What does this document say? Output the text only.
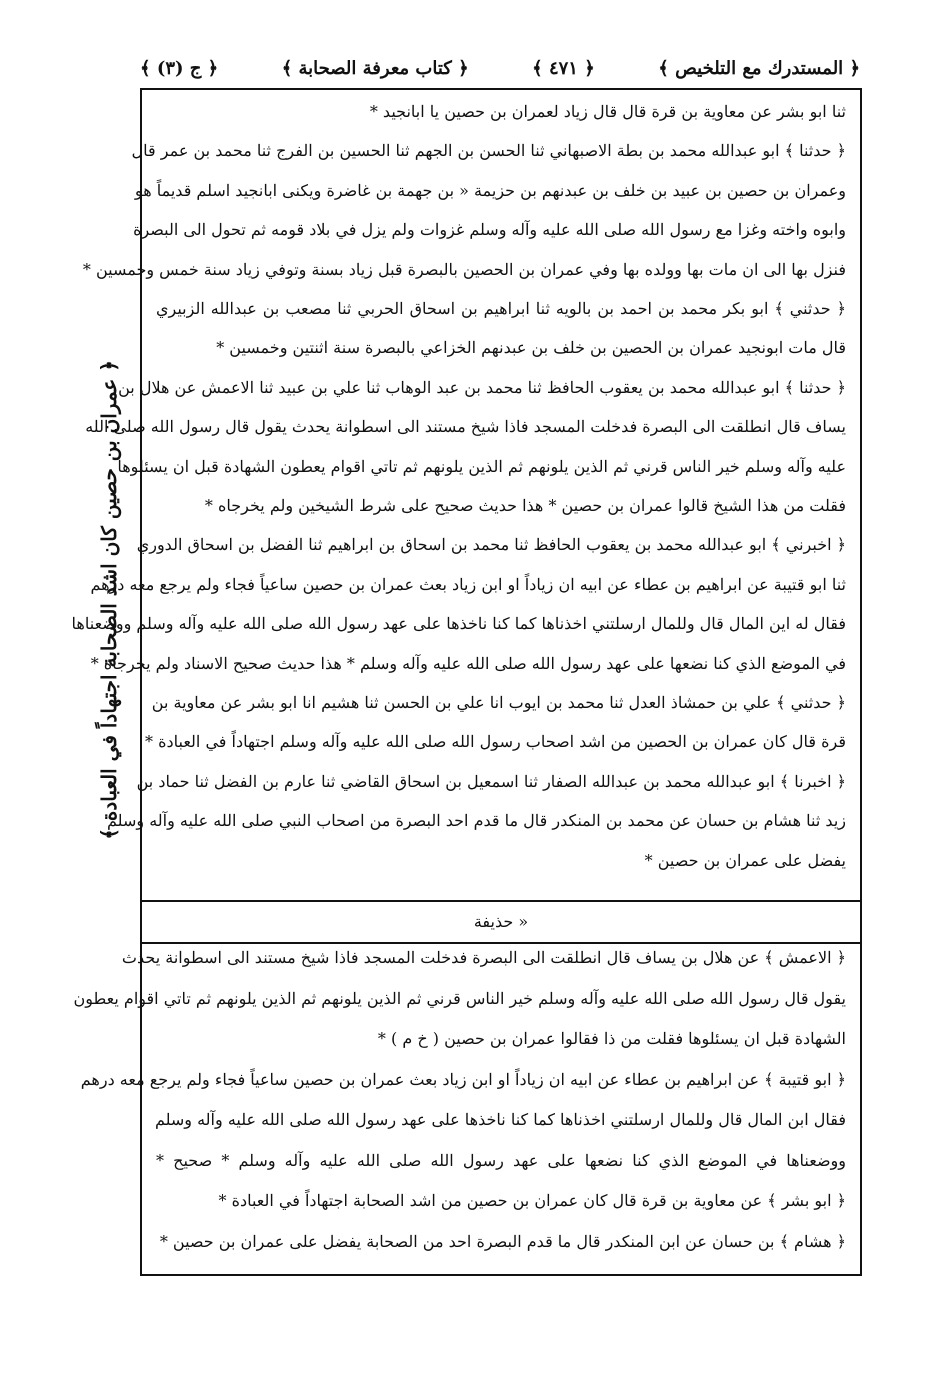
﴿ المستدرك مع التلخيص ﴾
﴿ ٤٧١ ﴾
﴿ كتاب معرفة الصحابة ﴾
﴿ ج (٣) ﴾
﴿ عمران بن حصين كان اشد الصحابة اجتهاداً في العبادة ﴾
ثنا ابو بشر عن معاوية بن قرة قال قال زياد لعمران بن حصين يا ابانجيد *
﴿ حدثنا ﴾ ابو عبدالله محمد بن بطة الاصبهاني ثنا الحسن بن الجهم ثنا الحسين بن الفرج ثنا محمد بن عمر قال
وعمران بن حصين بن عبيد بن خلف بن عبدنهم بن حزيمة « بن جهمة بن غاضرة ويكنى ابانجيد اسلم قديماً هو
وابوه واخته وغزا مع رسول الله صلى الله عليه وآله وسلم غزوات ولم يزل في بلاد قومه ثم تحول الى البصرة
فنزل بها الى ان مات بها وولده بها وفي عمران بن الحصين بالبصرة قبل زياد بسنة وتوفي زياد سنة خمس وخمسين *
﴿ حدثني ﴾ ابو بكر محمد بن احمد بن بالويه ثنا ابراهيم بن اسحاق الحربي ثنا مصعب بن عبدالله الزبيري
قال مات ابونجيد عمران بن الحصين بن خلف بن عبدنهم الخزاعي بالبصرة سنة اثنتين وخمسين *
﴿ حدثنا ﴾ ابو عبدالله محمد بن يعقوب الحافظ ثنا محمد بن عبد الوهاب ثنا علي بن عبيد ثنا الاعمش عن هلال بن
يساف قال انطلقت الى البصرة فدخلت المسجد فاذا شيخ مستند الى اسطوانة يحدث يقول قال رسول الله صلى الله
عليه وآله وسلم خير الناس قرني ثم الذين يلونهم ثم الذين يلونهم ثم تاتي اقوام يعطون الشهادة قبل ان يسئلوها
فقلت من هذا الشيخ قالوا عمران بن حصين * هذا حديث صحيح على شرط الشيخين ولم يخرجاه *
﴿ اخبرني ﴾ ابو عبدالله محمد بن يعقوب الحافظ ثنا محمد بن اسحاق بن ابراهيم ثنا الفضل بن اسحاق الدوري
ثنا ابو قتيبة عن ابراهيم بن عطاء عن ابيه ان زياداً او ابن زياد بعث عمران بن حصين ساعياً فجاء ولم يرجع معه درهم
فقال له اين المال قال وللمال ارسلتني اخذناها كما كنا ناخذها على عهد رسول الله صلى الله عليه وآله وسلم ووضعناها
في الموضع الذي كنا نضعها على عهد رسول الله صلى الله عليه وآله وسلم * هذا حديث صحيح الاسناد ولم يخرجاه *
﴿ حدثني ﴾ علي بن حمشاذ العدل ثنا محمد بن ايوب انا علي بن الحسن ثنا هشيم انا ابو بشر عن معاوية بن
قرة قال كان عمران بن الحصين من اشد اصحاب رسول الله صلى الله عليه وآله وسلم اجتهاداً في العبادة *
﴿ اخبرنا ﴾ ابو عبدالله محمد بن عبدالله الصفار ثنا اسمعيل بن اسحاق القاضي ثنا عارم بن الفضل ثنا حماد بن
زيد ثنا هشام بن حسان عن محمد بن المنكدر قال ما قدم احد البصرة من اصحاب النبي صلى الله عليه وآله وسلم
يفضل على عمران بن حصين *
« حذيفة
﴿ الاعمش ﴾ عن هلال بن يساف قال انطلقت الى البصرة فدخلت المسجد فاذا شيخ مستند الى اسطوانة يحدث
يقول قال رسول الله صلى الله عليه وآله وسلم خير الناس قرني ثم الذين يلونهم ثم الذين يلونهم ثم تاتي اقوام يعطون
الشهادة قبل ان يسئلوها فقلت من ذا فقالوا عمران بن حصين ( خ م ) *
﴿ ابو قتيبة ﴾ عن ابراهيم بن عطاء عن ابيه ان زياداً او ابن زياد بعث عمران بن حصين ساعياً فجاء ولم يرجع معه درهم
فقال ابن المال قال وللمال ارسلتني اخذناها كما كنا ناخذها على عهد رسول الله صلى الله عليه وآله وسلم
ووضعناها في الموضع الذي كنا نضعها على عهد رسول الله صلى الله عليه وآله وسلم * صحيح *
﴿ ابو بشر ﴾ عن معاوية بن قرة قال كان عمران بن حصين من اشد الصحابة اجتهاداً في العبادة *
﴿ هشام ﴾ بن حسان عن ابن المنكدر قال ما قدم البصرة احد من الصحابة يفضل على عمران بن حصين *
